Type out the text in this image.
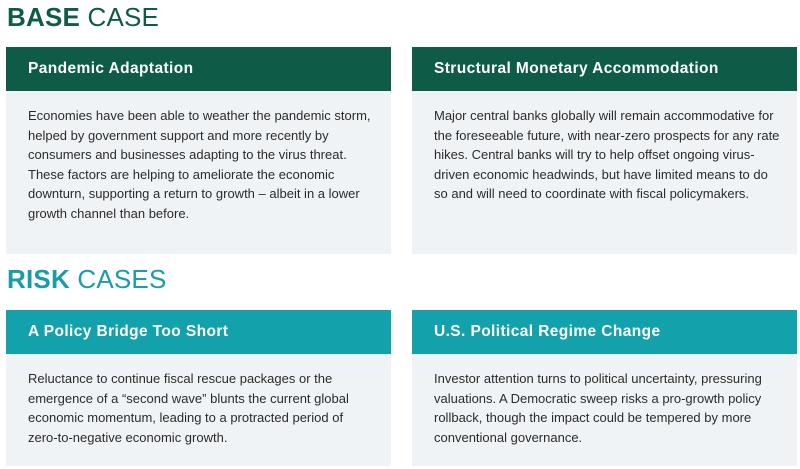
BASE CASE
Pandemic Adaptation
Economies have been able to weather the pandemic storm, helped by government support and more recently by consumers and businesses adapting to the virus threat. These factors are helping to ameliorate the economic downturn, supporting a return to growth – albeit in a lower growth channel than before.
Structural Monetary Accommodation
Major central banks globally will remain accommodative for the foreseeable future, with near-zero prospects for any rate hikes. Central banks will try to help offset ongoing virus-driven economic headwinds, but have limited means to do so and will need to coordinate with fiscal policymakers.
RISK CASES
A Policy Bridge Too Short
Reluctance to continue fiscal rescue packages or the emergence of a “second wave” blunts the current global economic momentum, leading to a protracted period of zero-to-negative economic growth.
U.S. Political Regime Change
Investor attention turns to political uncertainty, pressuring valuations. A Democratic sweep risks a pro-growth policy rollback, though the impact could be tempered by more conventional governance.
